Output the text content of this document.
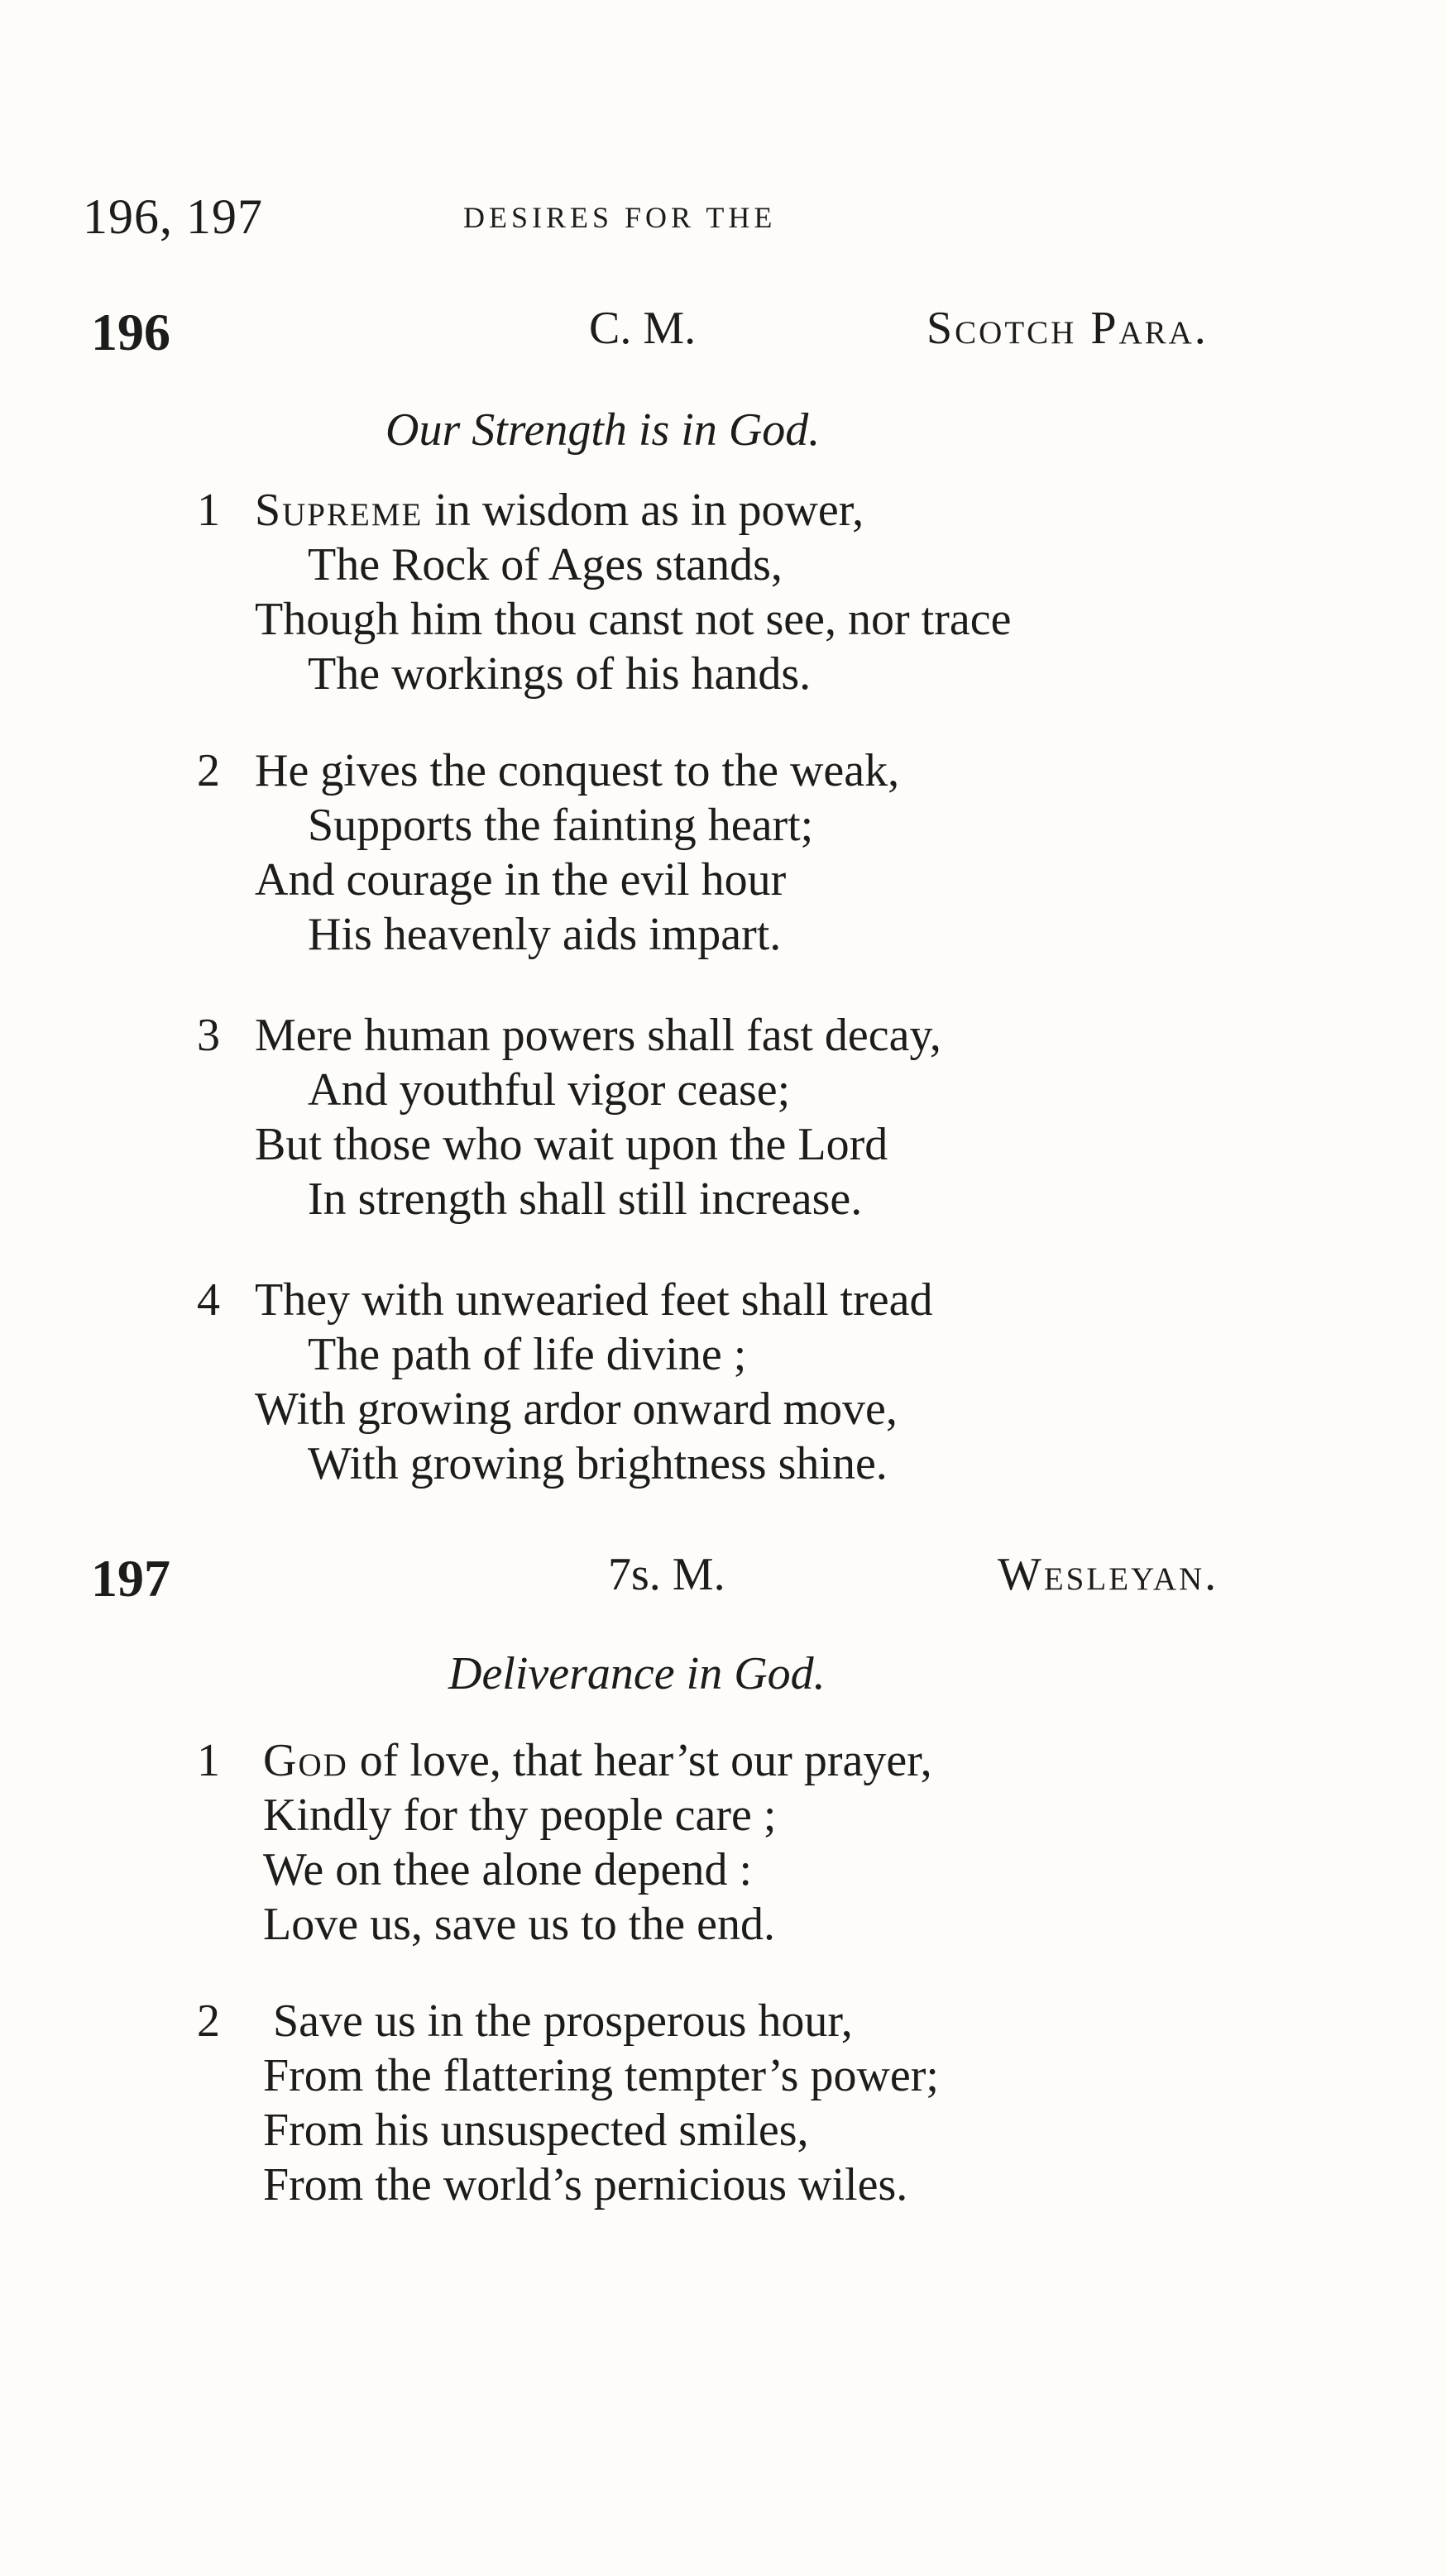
196, 197	DESIRES FOR THE
196	C. M.	Scotch Para.
Our Strength is in God.
1 Supreme in wisdom as in power,
The Rock of Ages stands,
Though him thou canst not see, nor trace
The workings of his hands.
2 He gives the conquest to the weak,
Supports the fainting heart;
And courage in the evil hour
His heavenly aids impart.
3 Mere human powers shall fast decay,
And youthful vigor cease;
But those who wait upon the Lord
In strength shall still increase.
4 They with unwearied feet shall tread
The path of life divine ;
With growing ardor onward move,
With growing brightness shine.
197	7s. M.	Wesleyan.
Deliverance in God.
1 God of love, that hear’st our prayer,
Kindly for thy people care ;
We on thee alone depend :
Love us, save us to the end.
2 Save us in the prosperous hour,
From the flattering tempter’s power;
From his unsuspected smiles,
From the world’s pernicious wiles.
